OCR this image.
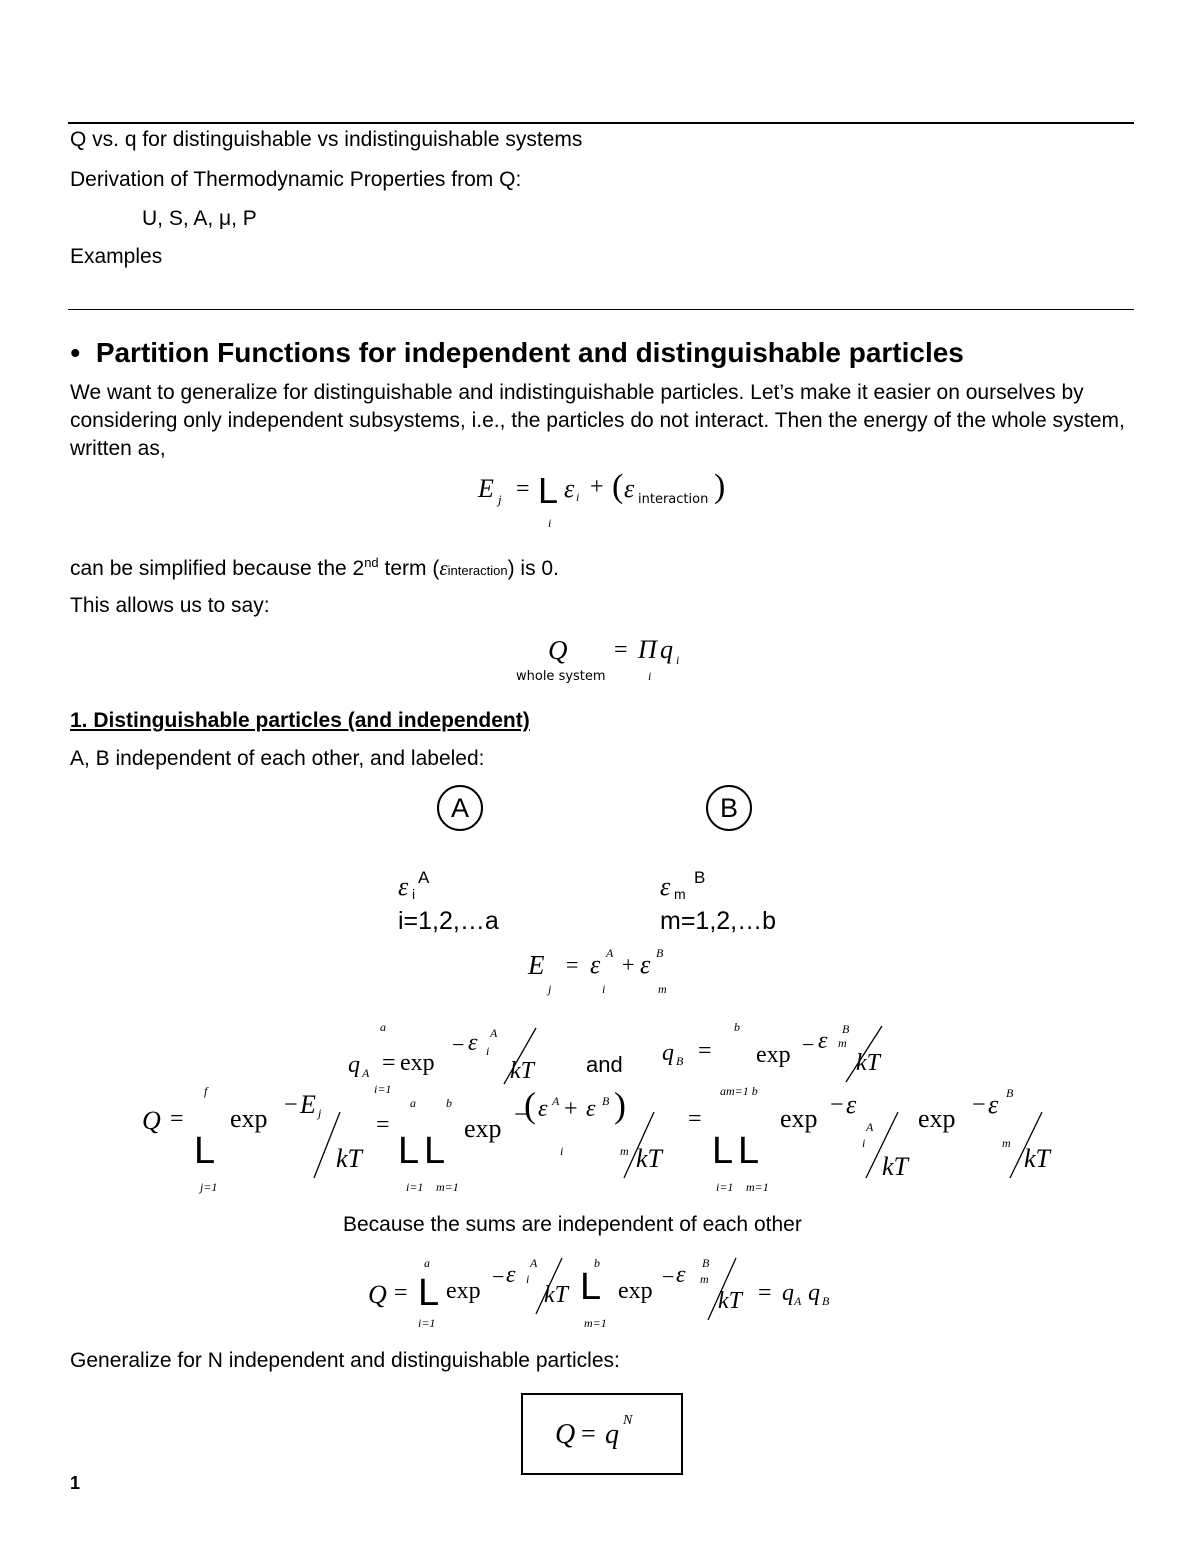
Q vs. q for distinguishable vs indistinguishable systems
Derivation of Thermodynamic Properties from Q:
U, S, A, μ, P
Examples
• Partition Functions for independent and distinguishable particles
We want to generalize for distinguishable and indistinguishable particles. Let’s make it easier on ourselves by considering only independent subsystems, i.e., the particles do not interact. Then the energy of the whole system, written as,
E j = L ε i + ( ε interaction )
i
can be simplified because the 2nd term (εinteraction) is 0.
This allows us to say:
Q
whole system
= Π q i
i
1. Distinguishable particles (and independent)
A, B independent of each other, and labeled:
A	B
ε i
A
i=1,2,…a
ε m
B
m=1,2,…b
E
j
= ε A
i
+ ε B
m
a
q A = exp
− ε A
i
kT
i=1
and q B =
b
exp − ε B
m
kT
Q =
f
L
j=1
exp − E j
kT
=
a	b
L L
i=1 m=1
exp −
( ε A
i
+ ε B )
m kT
=
am=1 b
L L
i=1 m=1
exp − ε
A
i
kT
exp − ε B
m
kT
Because the sums are independent of each other
Q =
a
L
i=1
exp
− ε A
i
kT
b
L
m=1
exp
− ε B
m
kT = q A q B
Generalize for N independent and distinguishable particles:
Q = q N
1
